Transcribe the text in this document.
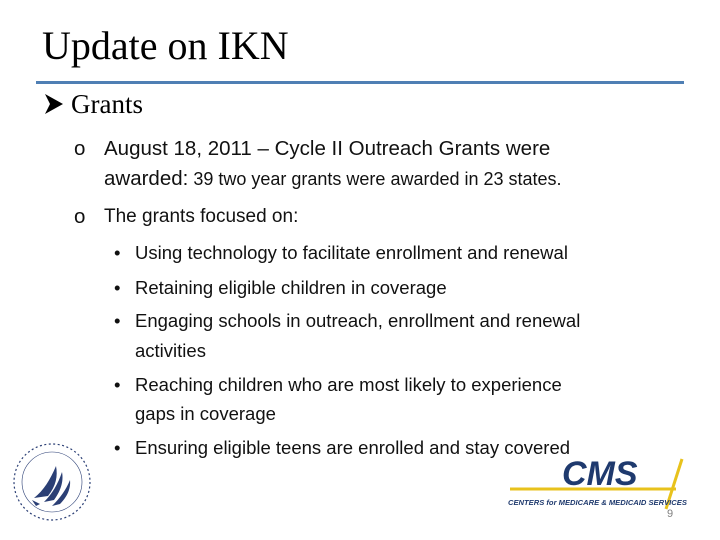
Update on IKN
Grants
o August 18, 2011 – Cycle II Outreach Grants were
awarded: 39 two year grants were awarded in 23 states.
o The grants focused on:
• Using technology to facilitate enrollment and renewal
• Retaining eligible children in coverage
• Engaging schools in outreach, enrollment and renewal
activities
• Reaching children who are most likely to experience
gaps in coverage
• Ensuring eligible teens are enrolled and stay covered
CMS
CENTERS for MEDICARE & MEDICAID SERVICES
9
